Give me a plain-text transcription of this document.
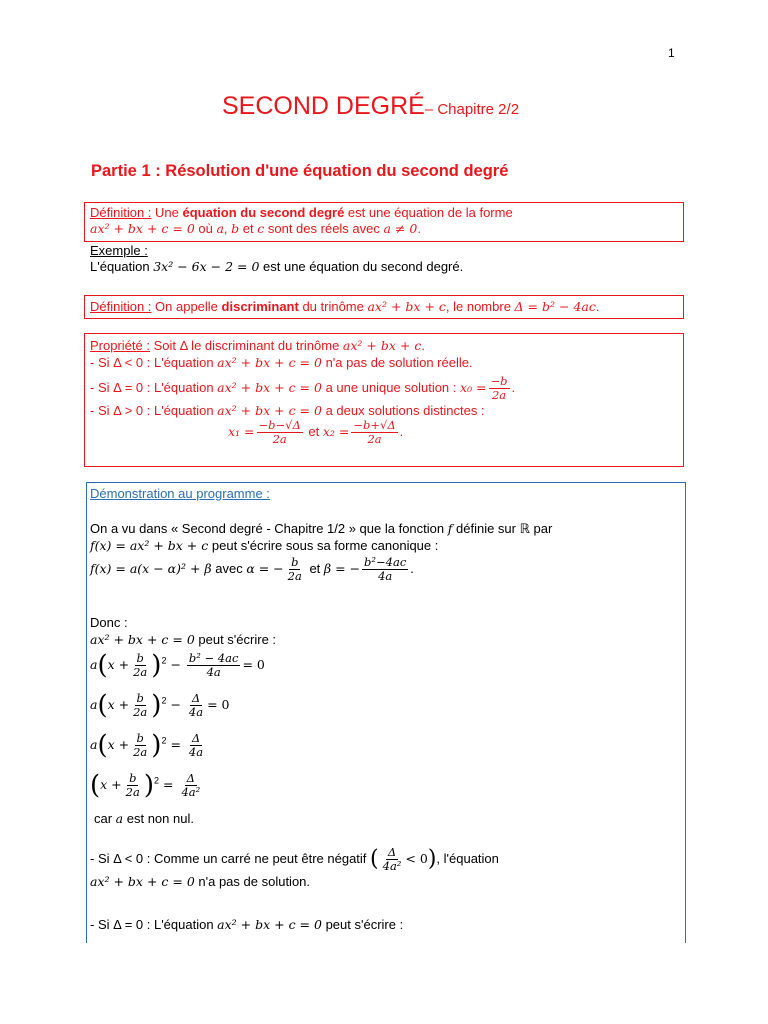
1
SECOND DEGRÉ– Chapitre 2/2
Partie 1 : Résolution d'une équation du second degré
Définition : Une équation du second degré est une équation de la forme
ax² + bx + c = 0 où a, b et c sont des réels avec a ≠ 0.
Exemple :
L'équation 3x² − 6x − 2 = 0 est une équation du second degré.
Définition : On appelle discriminant du trinôme ax² + bx + c, le nombre Δ = b² − 4ac.
Propriété : Soit Δ le discriminant du trinôme ax² + bx + c.
- Si Δ < 0 : L'équation ax² + bx + c = 0 n'a pas de solution réelle.
- Si Δ = 0 : L'équation ax² + bx + c = 0 a une unique solution : $x_0 = \frac{-b}{2a}$ .
- Si Δ > 0 : L'équation ax² + bx + c = 0 a deux solutions distinctes :
$x_1 = \frac{-b-√\Delta}{2a}$ et $x_2 = \frac{-b+√\Delta}{2a}$ .
Démonstration au programme :
On a vu dans « Second degré - Chapitre 1/2 » que la fonction f définie sur ℝ par
f(x) = ax² + bx + c peut s'écrire sous sa forme canonique :
f(x) = a(x − α)² + β avec α = − $\frac{b}{2a}$ et β = − $\frac{\text{b²−4ac}}{4a}$ .
Donc :
ax² + bx + c = 0 peut s'écrire :
$a(x + \frac{b}{2a} )^2 - \frac{\text{b² − 4ac}}{4a} = 0$
$a(x + \frac{b}{2a} )^2 - \frac{\Delta}{4a} = 0$
$a(x + \frac{b}{2a} )^2 = \frac{\Delta}{4a}$
$(x + \frac{b}{2a} )^2 = \frac{\Delta}{\text{4a²}}$
car a est non nul.
- Si Δ < 0 : Comme un carré ne peut être négatif ( $\frac{\Delta}{\text{4a²}} < 0$), l'équation
ax² + bx + c = 0 n'a pas de solution.
- Si Δ = 0 : L'équation ax² + bx + c = 0 peut s'écrire :
